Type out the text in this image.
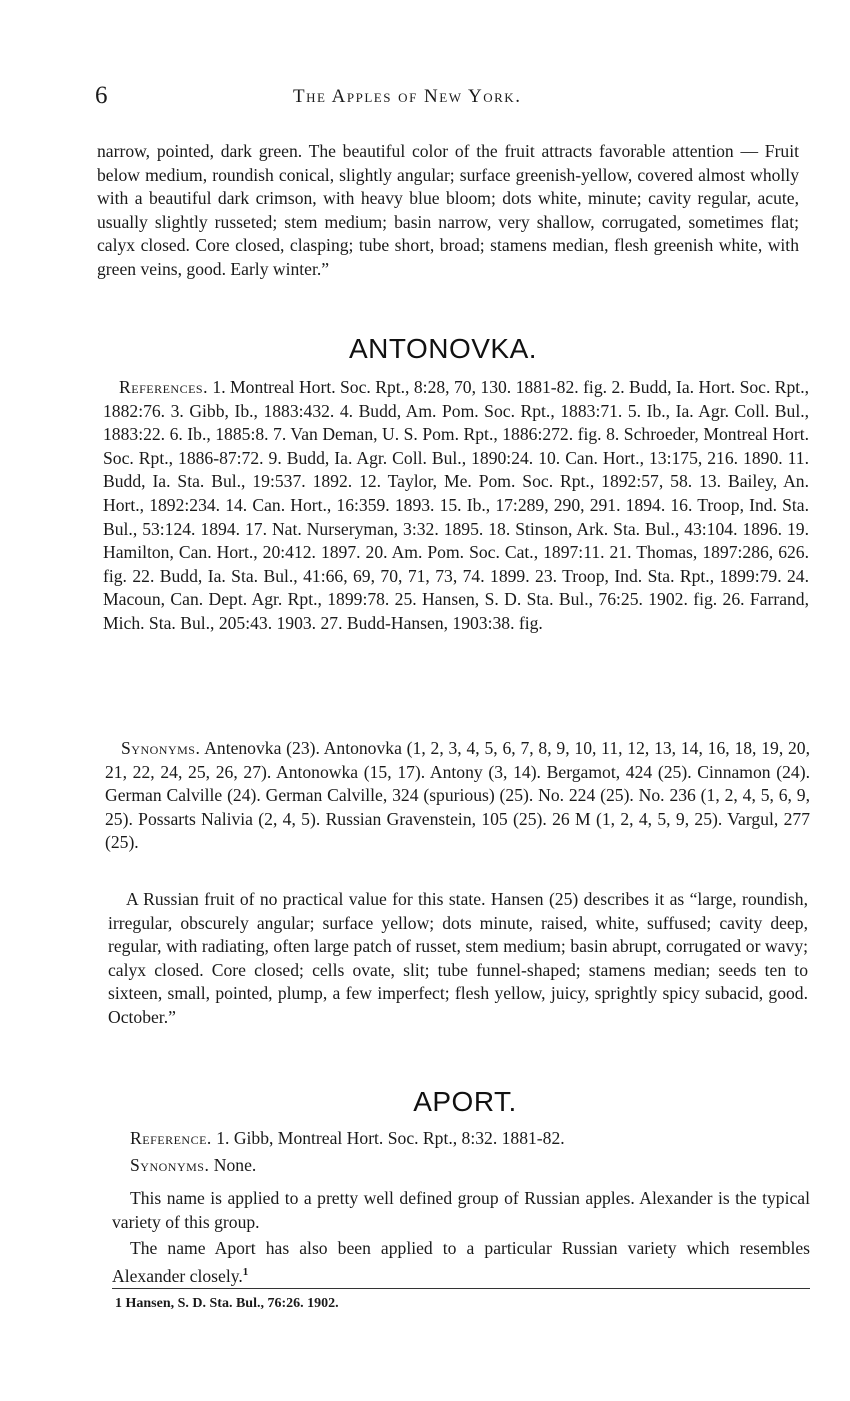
6	The Apples of New York.

narrow, pointed, dark green. The beautiful color of the fruit attracts favorable attention — Fruit below medium, roundish conical, slightly angular; surface greenish-yellow, covered almost wholly with a beautiful dark crimson, with heavy blue bloom; dots white, minute; cavity regular, acute, usually slightly russeted; stem medium; basin narrow, very shallow, corrugated, sometimes flat; calyx closed. Core closed, clasping; tube short, broad; stamens median, flesh greenish white, with green veins, good. Early winter.”

ANTONOVKA.

References. 1. Montreal Hort. Soc. Rpt., 8:28, 70, 130. 1881-82. fig. 2. Budd, Ia. Hort. Soc. Rpt., 1882:76. 3. Gibb, Ib., 1883:432. 4. Budd, Am. Pom. Soc. Rpt., 1883:71. 5. Ib., Ia. Agr. Coll. Bul., 1883:22. 6. Ib., 1885:8. 7. Van Deman, U. S. Pom. Rpt., 1886:272. fig. 8. Schroeder, Montreal Hort. Soc. Rpt., 1886-87:72. 9. Budd, Ia. Agr. Coll. Bul., 1890:24. 10. Can. Hort., 13:175, 216. 1890. 11. Budd, Ia. Sta. Bul., 19:537. 1892. 12. Taylor, Me. Pom. Soc. Rpt., 1892:57, 58. 13. Bailey, An. Hort., 1892:234. 14. Can. Hort., 16:359. 1893. 15. Ib., 17:289, 290, 291. 1894. 16. Troop, Ind. Sta. Bul., 53:124. 1894. 17. Nat. Nurseryman, 3:32. 1895. 18. Stinson, Ark. Sta. Bul., 43:104. 1896. 19. Hamilton, Can. Hort., 20:412. 1897. 20. Am. Pom. Soc. Cat., 1897:11. 21. Thomas, 1897:286, 626. fig. 22. Budd, Ia. Sta. Bul., 41:66, 69, 70, 71, 73, 74. 1899. 23. Troop, Ind. Sta. Rpt., 1899:79. 24. Macoun, Can. Dept. Agr. Rpt., 1899:78. 25. Hansen, S. D. Sta. Bul., 76:25. 1902. fig. 26. Farrand, Mich. Sta. Bul., 205:43. 1903. 27. Budd-Hansen, 1903:38. fig.

Synonyms. Antenovka (23). Antonovka (1, 2, 3, 4, 5, 6, 7, 8, 9, 10, 11, 12, 13, 14, 16, 18, 19, 20, 21, 22, 24, 25, 26, 27). Antonowka (15, 17). Antony (3, 14). Bergamot, 424 (25). Cinnamon (24). German Calville (24). German Calville, 324 (spurious) (25). No. 224 (25). No. 236 (1, 2, 4, 5, 6, 9, 25). Possarts Nalivia (2, 4, 5). Russian Gravenstein, 105 (25). 26 M (1, 2, 4, 5, 9, 25). Vargul, 277 (25).

A Russian fruit of no practical value for this state. Hansen (25) describes it as “large, roundish, irregular, obscurely angular; surface yellow; dots minute, raised, white, suffused; cavity deep, regular, with radiating, often large patch of russet, stem medium; basin abrupt, corrugated or wavy; calyx closed. Core closed; cells ovate, slit; tube funnel-shaped; stamens median; seeds ten to sixteen, small, pointed, plump, a few imperfect; flesh yellow, juicy, sprightly spicy subacid, good. October.”

APORT.

Reference. 1. Gibb, Montreal Hort. Soc. Rpt., 8:32. 1881-82.

Synonyms. None.

This name is applied to a pretty well defined group of Russian apples. Alexander is the typical variety of this group.

The name Aport has also been applied to a particular Russian variety which resembles Alexander closely.$^1$

1 Hansen, S. D. Sta. Bul., 76:26. 1902.
